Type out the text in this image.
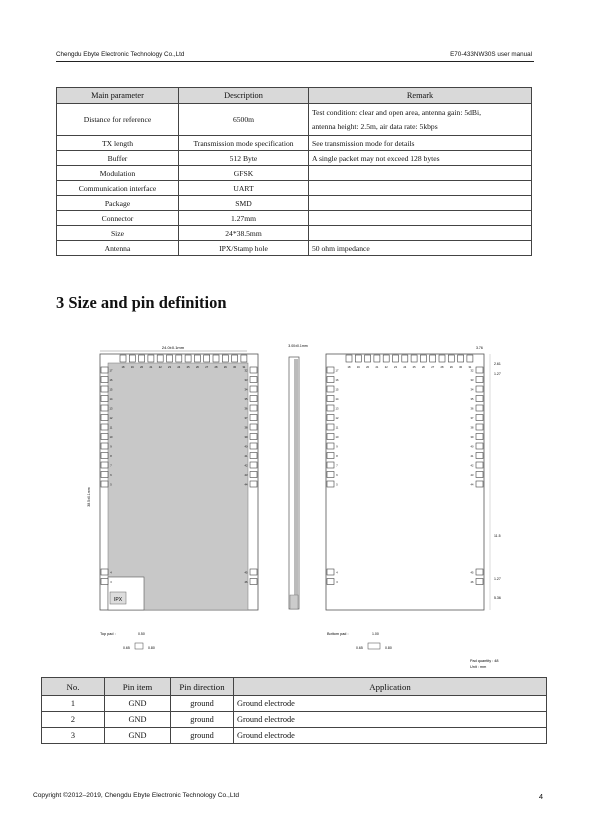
Chengdu Ebyte Electronic Technology Co.,Ltd	E70-433NW30S user manual
Main parameter	Description	Remark
Distance for reference	6500m	Test condition: clear and open area, antenna gain: 5dBi,
antenna height: 2.5m, air data rate: 5kbps

TX length	Transmission mode specification	See transmission mode for details
Buffer	512 Byte	A single packet may not exceed 128 bytes
Modulation	GFSK	
Communication interface	UART	
Package	SMD	
Connector	1.27mm	
Size	24*38.5mm	
Antenna	IPX/Stamp hole	50 ohm impedance
3 Size and pin definition
24.0±0.1mm
IPX
38.5±0.1mm
18 19 20 21 22 23 24 25 26 27 28 29 30 31
17	32
16	33
15	34
14	35
13	36
12	37
11	38
10	39
9	40
8	41
7	42
6	43
5	44
4	45
3	46
3.00±0.1mm
18 19 20 21 22 23 24 25 26 27 28 29 30 31
17	32
16	33
15	34
14	35
13	36
12	37
11	38
10	39
9	40
8	41
7	42
6	43
5	44
4	45
3	46
3.76
2.61
1.27
11.5
1.27
5.36
Top pad :	0.50
0.65	0.80
Bottom pad :	1.00
0.65	0.80
Pad quantity : 48
Unit : mm
No.	Pin item	Pin direction	Application
1	GND	ground	Ground electrode
2	GND	ground	Ground electrode
3	GND	ground	Ground electrode
Copyright ©2012–2019, Chengdu Ebyte Electronic Technology Co.,Ltd	4
